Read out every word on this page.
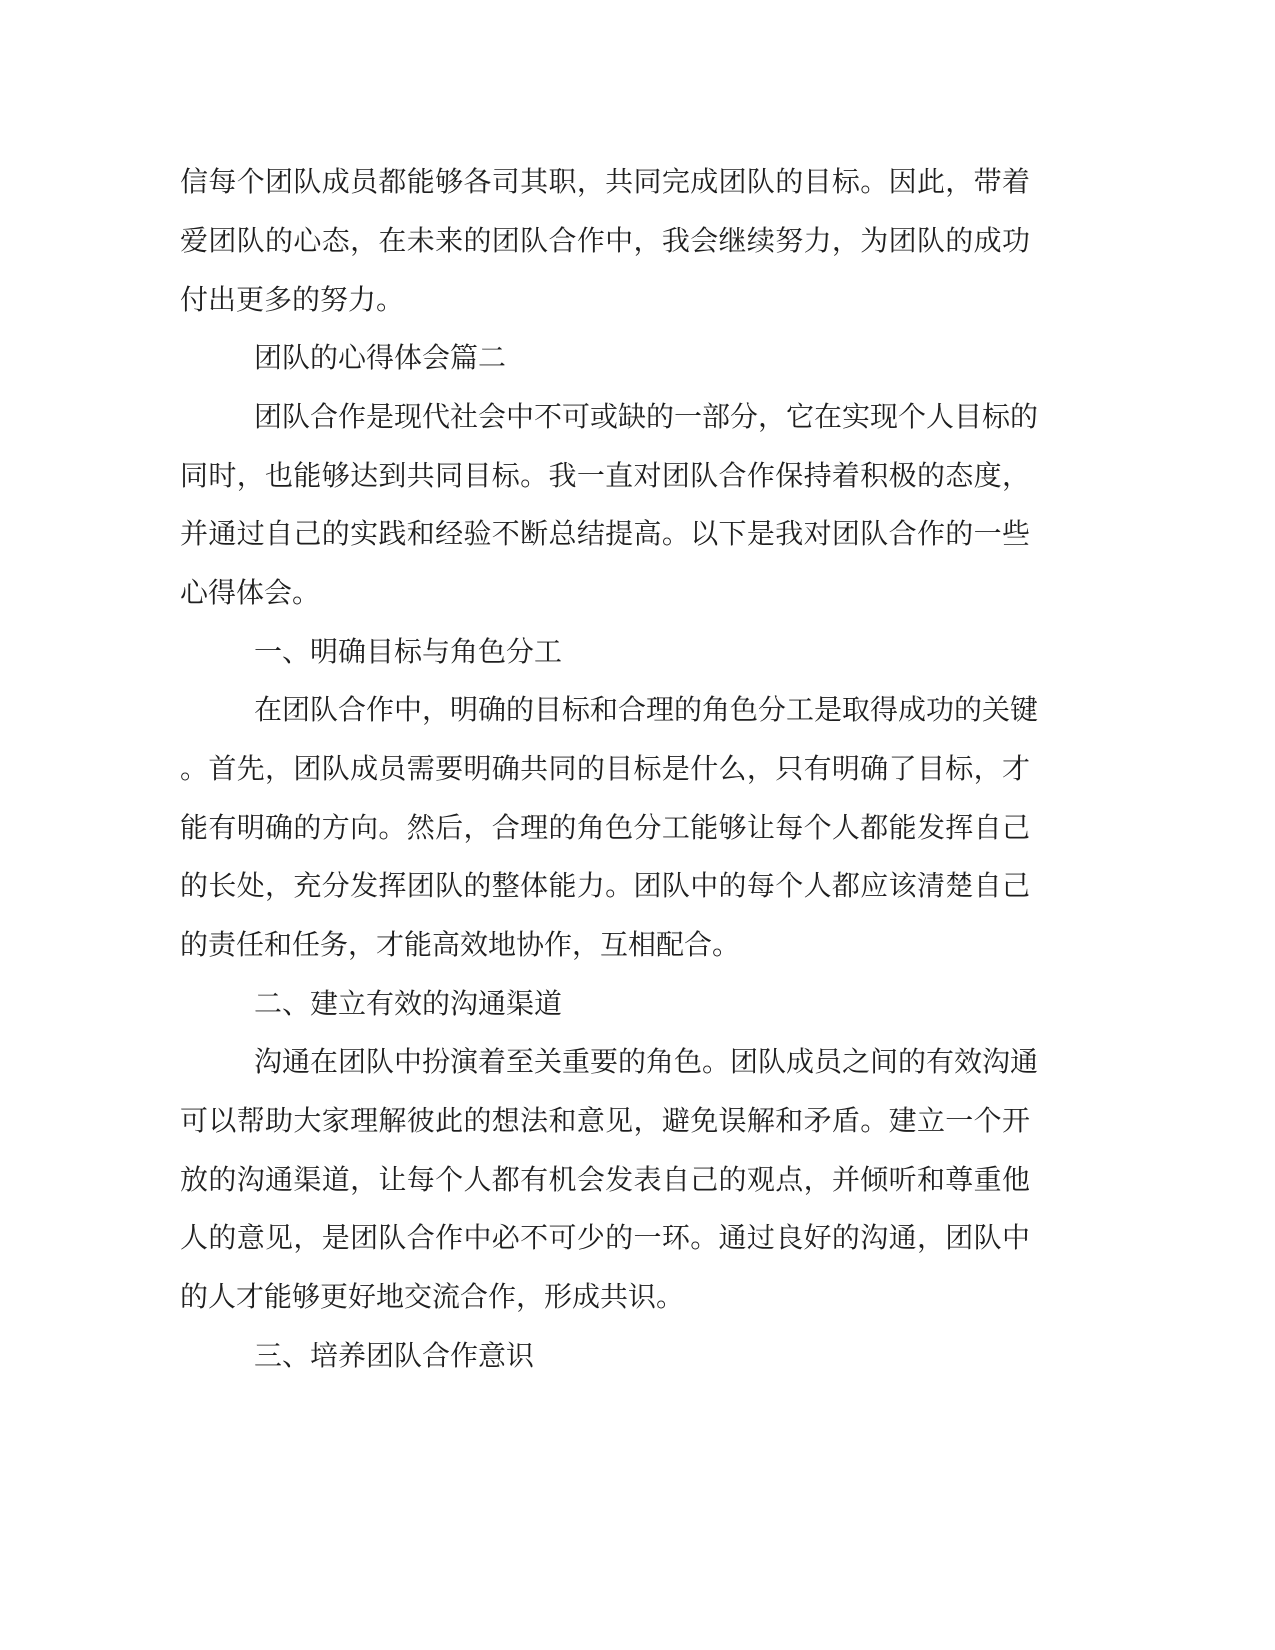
信每个团队成员都能够各司其职，共同完成团队的目标。因此，带着
爱团队的心态，在未来的团队合作中，我会继续努力，为团队的成功
付出更多的努力。
团队的心得体会篇二
团队合作是现代社会中不可或缺的一部分，它在实现个人目标的
同时，也能够达到共同目标。我一直对团队合作保持着积极的态度，
并通过自己的实践和经验不断总结提高。以下是我对团队合作的一些
心得体会。
一、明确目标与角色分工
在团队合作中，明确的目标和合理的角色分工是取得成功的关键
。首先，团队成员需要明确共同的目标是什么，只有明确了目标，才
能有明确的方向。然后，合理的角色分工能够让每个人都能发挥自己
的长处，充分发挥团队的整体能力。团队中的每个人都应该清楚自己
的责任和任务，才能高效地协作，互相配合。
二、建立有效的沟通渠道
沟通在团队中扮演着至关重要的角色。团队成员之间的有效沟通
可以帮助大家理解彼此的想法和意见，避免误解和矛盾。建立一个开
放的沟通渠道，让每个人都有机会发表自己的观点，并倾听和尊重他
人的意见，是团队合作中必不可少的一环。通过良好的沟通，团队中
的人才能够更好地交流合作，形成共识。
三、培养团队合作意识
